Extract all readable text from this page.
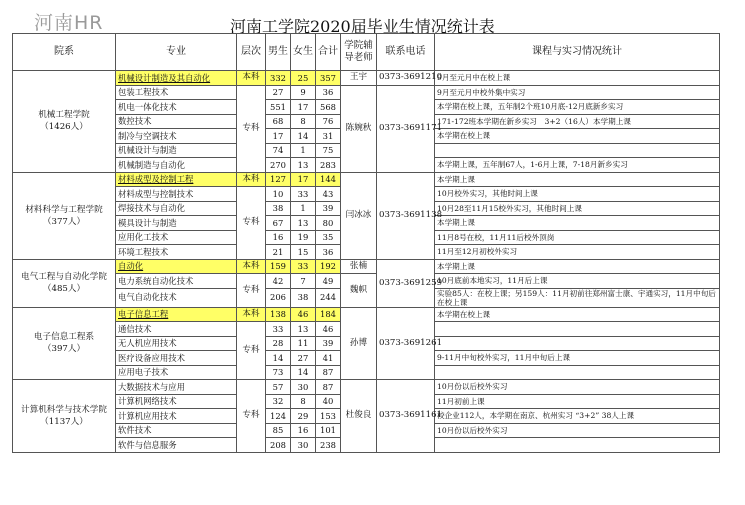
河南HR	河南工学院2020届毕业生情况统计表
院系	专业	层次	男生	女生	合计	学院辅导老师	联系电话	课程与实习情况统计

机械工程学院
（1426人）	机械设计制造及其自动化	本科	332	25	357	王宇	0373-3691210	9月至元月中在校上课
	包装工程技术	专科	27	9	36	陈婉秋	0373-3691171	9月至元月中校外集中实习
	机电一体化技术		551	17	568			本学期在校上课，五年制2个班10月底-12月底新乡实习
	数控技术		68	8	76			171-172班本学期在新乡实习　3+2（16人）本学期上课
	制冷与空调技术		17	14	31			本学期在校上课
	机械设计与制造		74	1	75			
	机械制造与自动化		270	13	283			本学期上课，五年制67人，1-6月上课，7-18月新乡实习

材料科学与工程学院
（377人）	材料成型及控制工程	本科	127	17	144	闫冰冰	0373-3691138	本学期上课
	材料成型与控制技术	专科	10	33	43			10月校外实习，其他时间上课
	焊接技术与自动化		38	1	39			10月28至11月15校外实习，其他时间上课
	模具设计与制造		67	13	80			本学期上课
	应用化工技术		16	19	35			11月8号在校，11月11后校外顶岗
	环境工程技术		21	15	36			11月至12月初校外实习

电气工程与自动化学院
（485人）	自动化	本科	159	33	192	张楠	0373-3691259	本学期上课
	电力系统自动化技术	专科	42	7	49	魏帜		10月底前本地实习，11月后上课
	电气自动化技术		206	38	244			实验85人：在校上课；另159人：11月初前往郑州富士康、宇通实习，11月中旬后在校上课

电子信息工程系
（397人）	电子信息工程	本科	138	46	184	孙博	0373-3691261	本学期在校上课
	通信技术	专科	33	13	46			
	无人机应用技术		28	11	39			
	医疗设备应用技术		14	27	41			9-11月中旬校外实习，11月中旬后上课
	应用电子技术		73	14	87			

计算机科学与技术学院
（1137人）	大数据技术与应用	专科	57	30	87	杜俊良	0373-3691161	10月份以后校外实习
	计算机网络技术		32	8	40			11月初前上课
	计算机应用技术		124	29	153			校企业112人，本学期在南京、杭州实习 “3+2” 38人上课
	软件技术		85	16	101			10月份以后校外实习
	软件与信息服务		208	30	238			
